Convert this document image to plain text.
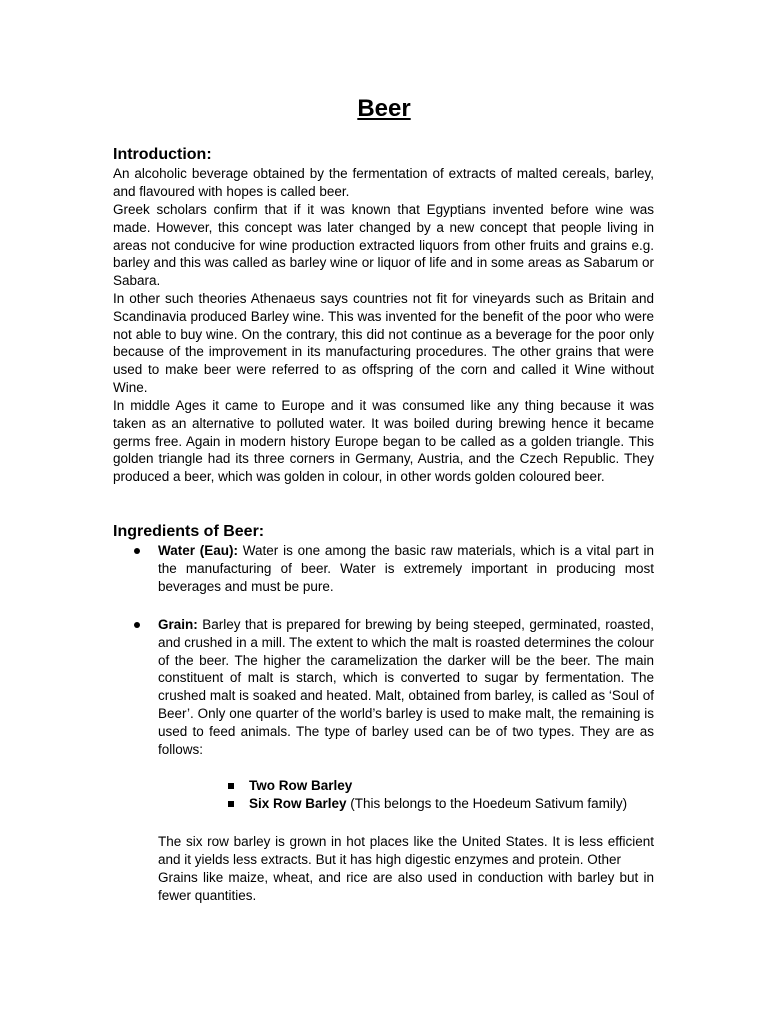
Beer
Introduction:
An alcoholic beverage obtained by the fermentation of extracts of malted cereals, barley, and flavoured with hopes is called beer.
Greek scholars confirm that if it was known that Egyptians invented before wine was made. However, this concept was later changed by a new concept that people living in areas not conducive for wine production extracted liquors from other fruits and grains e.g. barley and this was called as barley wine or liquor of life and in some areas as Sabarum or Sabara.
In other such theories Athenaeus says countries not fit for vineyards such as Britain and Scandinavia produced Barley wine. This was invented for the benefit of the poor who were not able to buy wine. On the contrary, this did not continue as a beverage for the poor only because of the improvement in its manufacturing procedures. The other grains that were used to make beer were referred to as offspring of the corn and called it Wine without Wine.
In middle Ages it came to Europe and it was consumed like any thing because it was taken as an alternative to polluted water. It was boiled during brewing hence it became germs free. Again in modern history Europe began to be called as a golden triangle. This golden triangle had its three corners in Germany, Austria, and the Czech Republic. They produced a beer, which was golden in colour, in other words golden coloured beer.
Ingredients of Beer:
Water (Eau): Water is one among the basic raw materials, which is a vital part in the manufacturing of beer. Water is extremely important in producing most beverages and must be pure.
Grain: Barley that is prepared for brewing by being steeped, germinated, roasted, and crushed in a mill. The extent to which the malt is roasted determines the colour of the beer. The higher the caramelization the darker will be the beer. The main constituent of malt is starch, which is converted to sugar by fermentation. The crushed malt is soaked and heated. Malt, obtained from barley, is called as ‘Soul of Beer’. Only one quarter of the world’s barley is used to make malt, the remaining is used to feed animals. The type of barley used can be of two types. They are as follows:
Two Row Barley
Six Row Barley (This belongs to the Hoedeum Sativum family)
The six row barley is grown in hot places like the United States. It is less efficient and it yields less extracts. But it has high digestic enzymes and protein. Other
Grains like maize, wheat, and rice are also used in conduction with barley but in fewer quantities.
